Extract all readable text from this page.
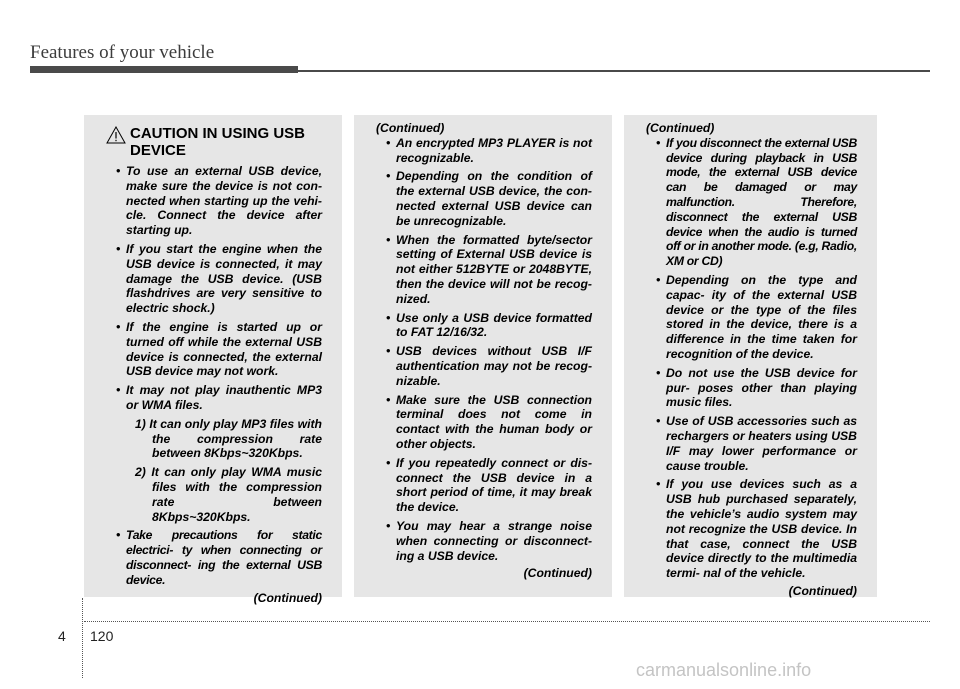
Features of your vehicle
CAUTION IN USING USB DEVICE
• To use an external USB device, make sure the device is not con- nected when starting up the vehi- cle. Connect the device after starting up.
• If you start the engine when the USB device is connected, it may damage the USB device. (USB flashdrives are very sensitive to electric shock.)
• If the engine is started up or turned off while the external USB device is connected, the external USB device may not work.
• It may not play inauthentic MP3 or WMA files.
1) It can only play MP3 files with the compression rate between 8Kbps~320Kbps.
2) It can only play WMA music files with the compression rate between 8Kbps~320Kbps.
• Take precautions for static electrici- ty when connecting or disconnect- ing the external USB device.
(Continued)
(Continued)
• An encrypted MP3 PLAYER is not recognizable.
• Depending on the condition of the external USB device, the con- nected external USB device can be unrecognizable.
• When the formatted byte/sector setting of External USB device is not either 512BYTE or 2048BYTE, then the device will not be recog- nized.
• Use only a USB device formatted to FAT 12/16/32.
• USB devices without USB I/F authentication may not be recog- nizable.
• Make sure the USB connection terminal does not come in contact with the human body or other objects.
• If you repeatedly connect or dis- connect the USB device in a short period of time, it may break the device.
• You may hear a strange noise when connecting or disconnect- ing a USB device.
(Continued)
(Continued)
• If you disconnect the external USB device during playback in USB mode, the external USB device can be damaged or may malfunction. Therefore, disconnect the external USB device when the audio is turned off or in another mode. (e.g, Radio, XM or CD)
• Depending on the type and capac- ity of the external USB device or the type of the files stored in the device, there is a difference in the time taken for recognition of the device.
• Do not use the USB device for pur- poses other than playing music files.
• Use of USB accessories such as rechargers or heaters using USB I/F may lower performance or cause trouble.
• If you use devices such as a USB hub purchased separately, the vehicle’s audio system may not recognize the USB device. In that case, connect the USB device directly to the multimedia termi- nal of the vehicle.
(Continued)
4 120
carmanualsonline.info
